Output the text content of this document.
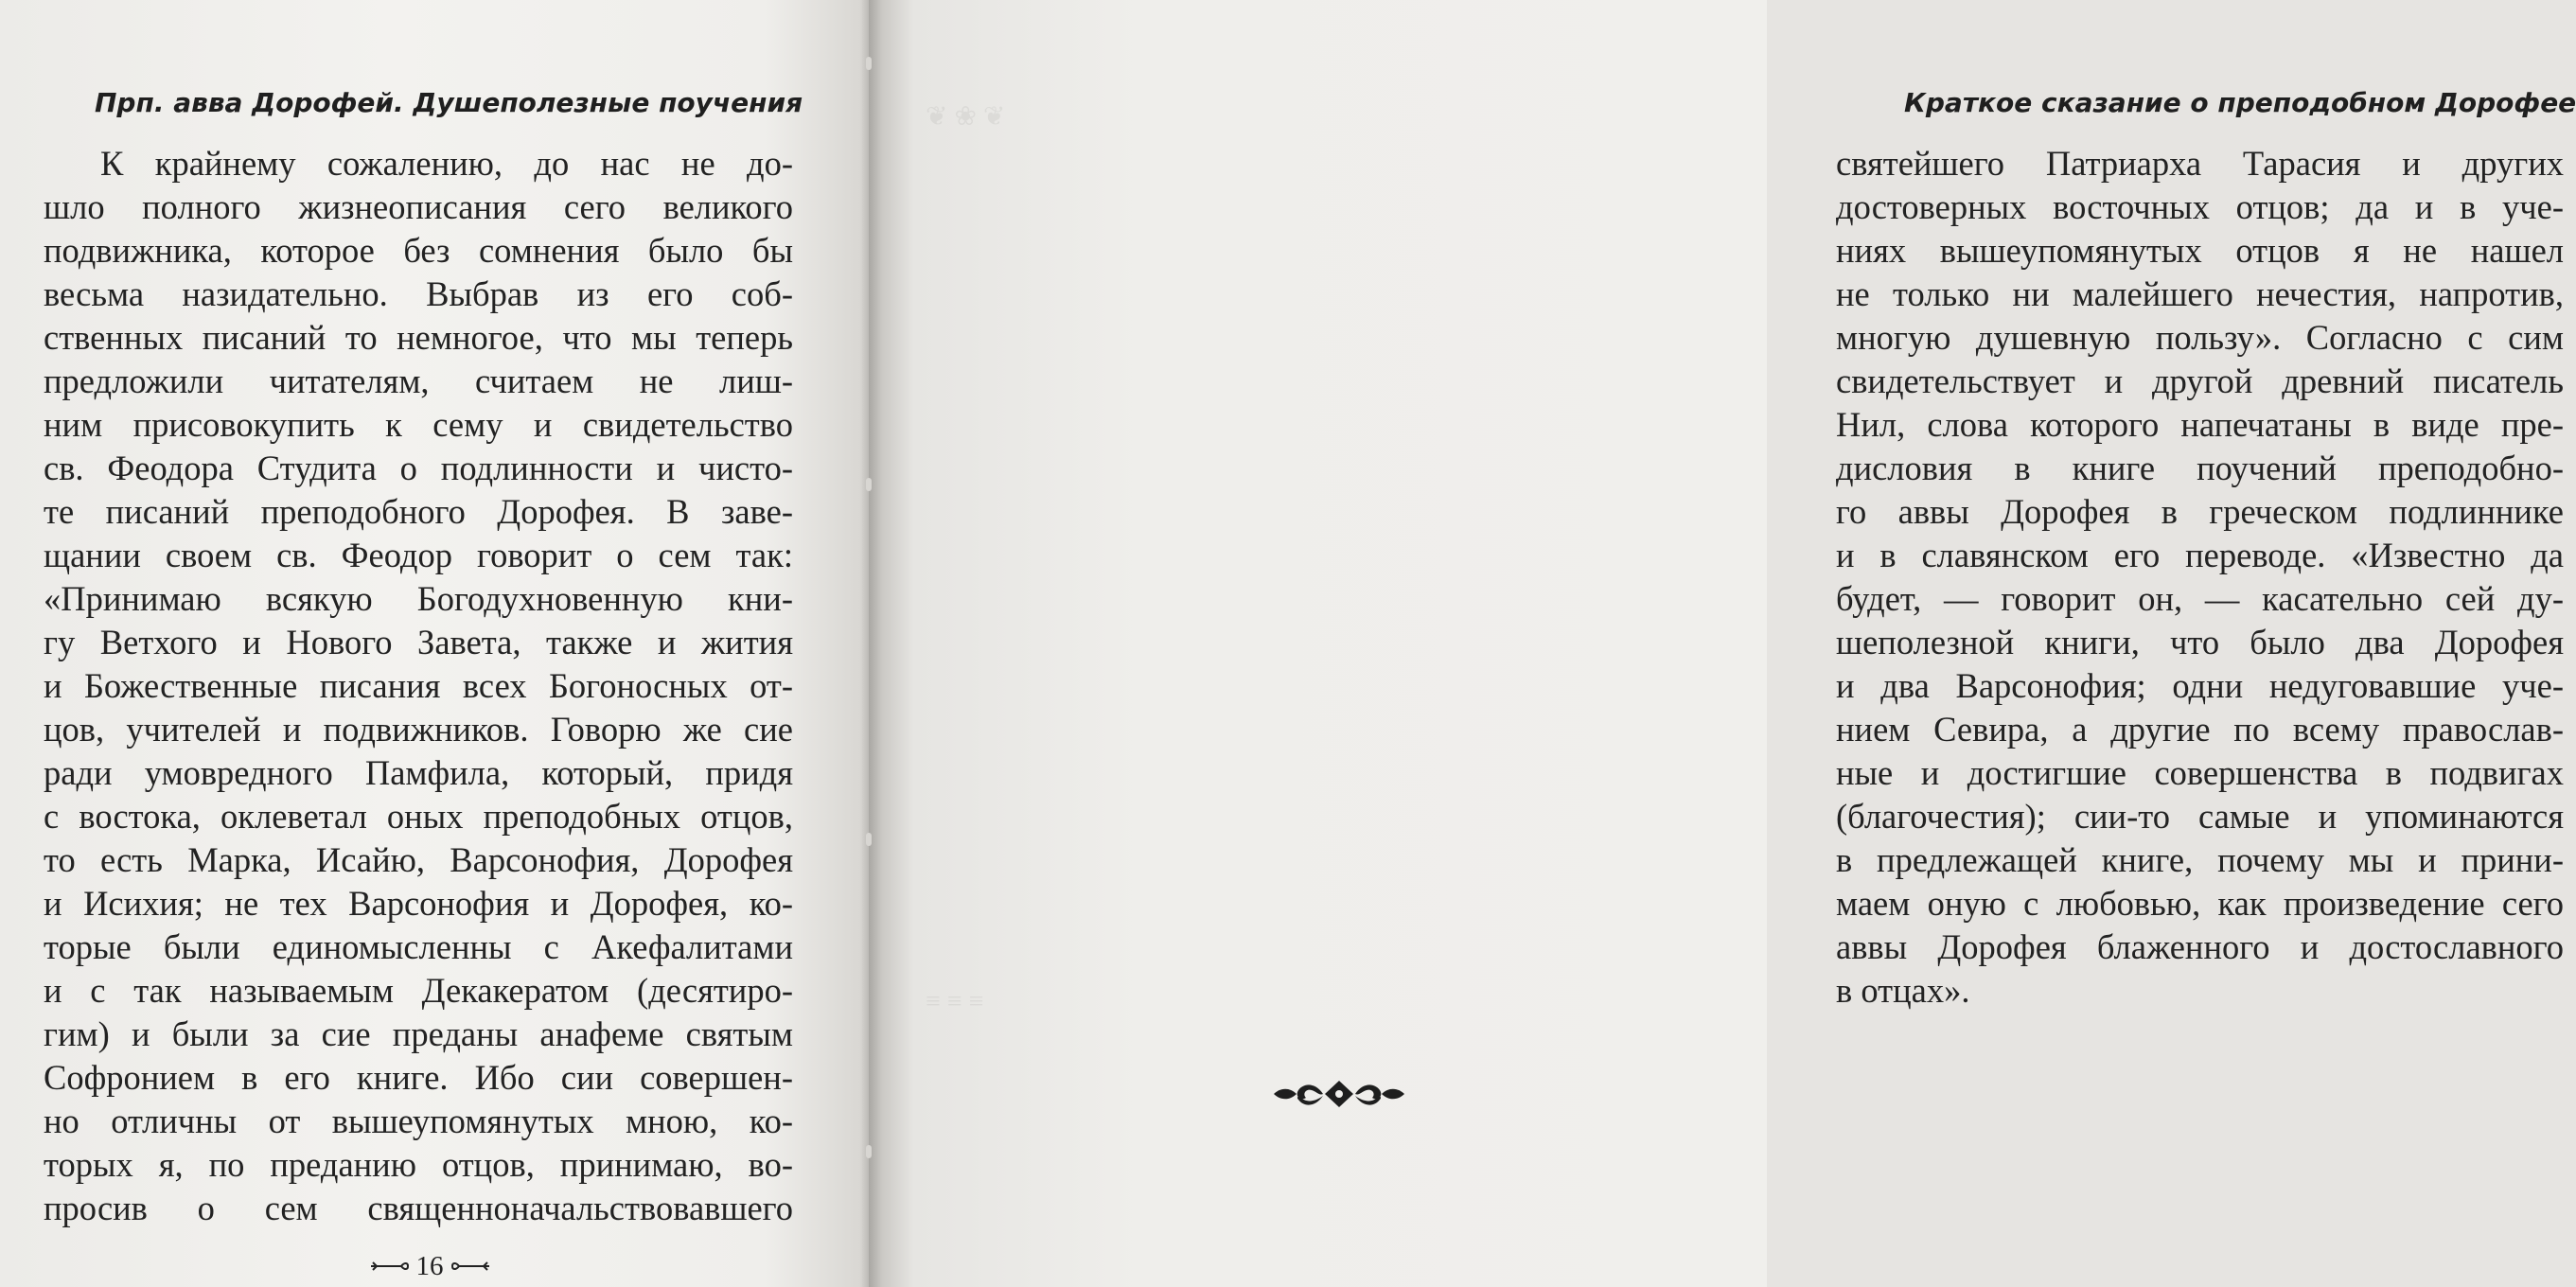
Прп. авва Дорофей. Душеполезные поучения
К крайнему сожалению, до нас не до-
шло полного жизнеописания сего великого
подвижника, которое без сомнения было бы
весьма назидательно. Выбрав из его соб-
ственных писаний то немногое, что мы теперь
предложили читателям, считаем не лиш-
ним присовокупить к сему и свидетельство
св. Феодора Студита о подлинности и чисто-
те писаний преподобного Дорофея. В заве-
щании своем св. Феодор говорит о сем так:
«Принимаю всякую Богодухновенную кни-
гу Ветхого и Нового Завета, также и жития
и Божественные писания всех Богоносных от-
цов, учителей и подвижников. Говорю же сие
ради умовредного Памфила, который, придя
с востока, оклеветал оных преподобных отцов,
то есть Марка, Исайю, Варсонофия, Дорофея
и Исихия; не тех Варсонофия и Дорофея, ко-
торые были единомысленны с Акефалитами
и с так называемым Декакератом (десятиро-
гим) и были за сие преданы анафеме святым
Софронием в его книге. Ибо сии совершен-
но отличны от вышеупомянутых мною, ко-
торых я, по преданию отцов, принимаю, во-
просив о сем священноначальствовавшего
16
❦ ❀ ❦
≡ ≡ ≡
Краткое сказание о преподобном Дорофее
святейшего Патриарха Тарасия и других
достоверных восточных отцов; да и в уче-
ниях вышеупомянутых отцов я не нашел
не только ни малейшего нечестия, напротив,
многую душевную пользу». Согласно с сим
свидетельствует и другой древний писатель
Нил, слова которого напечатаны в виде пре-
дисловия в книге поучений преподобно-
го аввы Дорофея в греческом подлиннике
и в славянском его переводе. «Известно да
будет, — говорит он, — касательно сей ду-
шеполезной книги, что было два Дорофея
и два Варсонофия; одни недуговавшие уче-
нием Севира, а другие по всему православ-
ные и достигшие совершенства в подвигах
(благочестия); сии-то самые и упоминаются
в предлежащей книге, почему мы и прини-
маем оную с любовью, как произведение сего
аввы Дорофея блаженного и достославного
в отцах».
